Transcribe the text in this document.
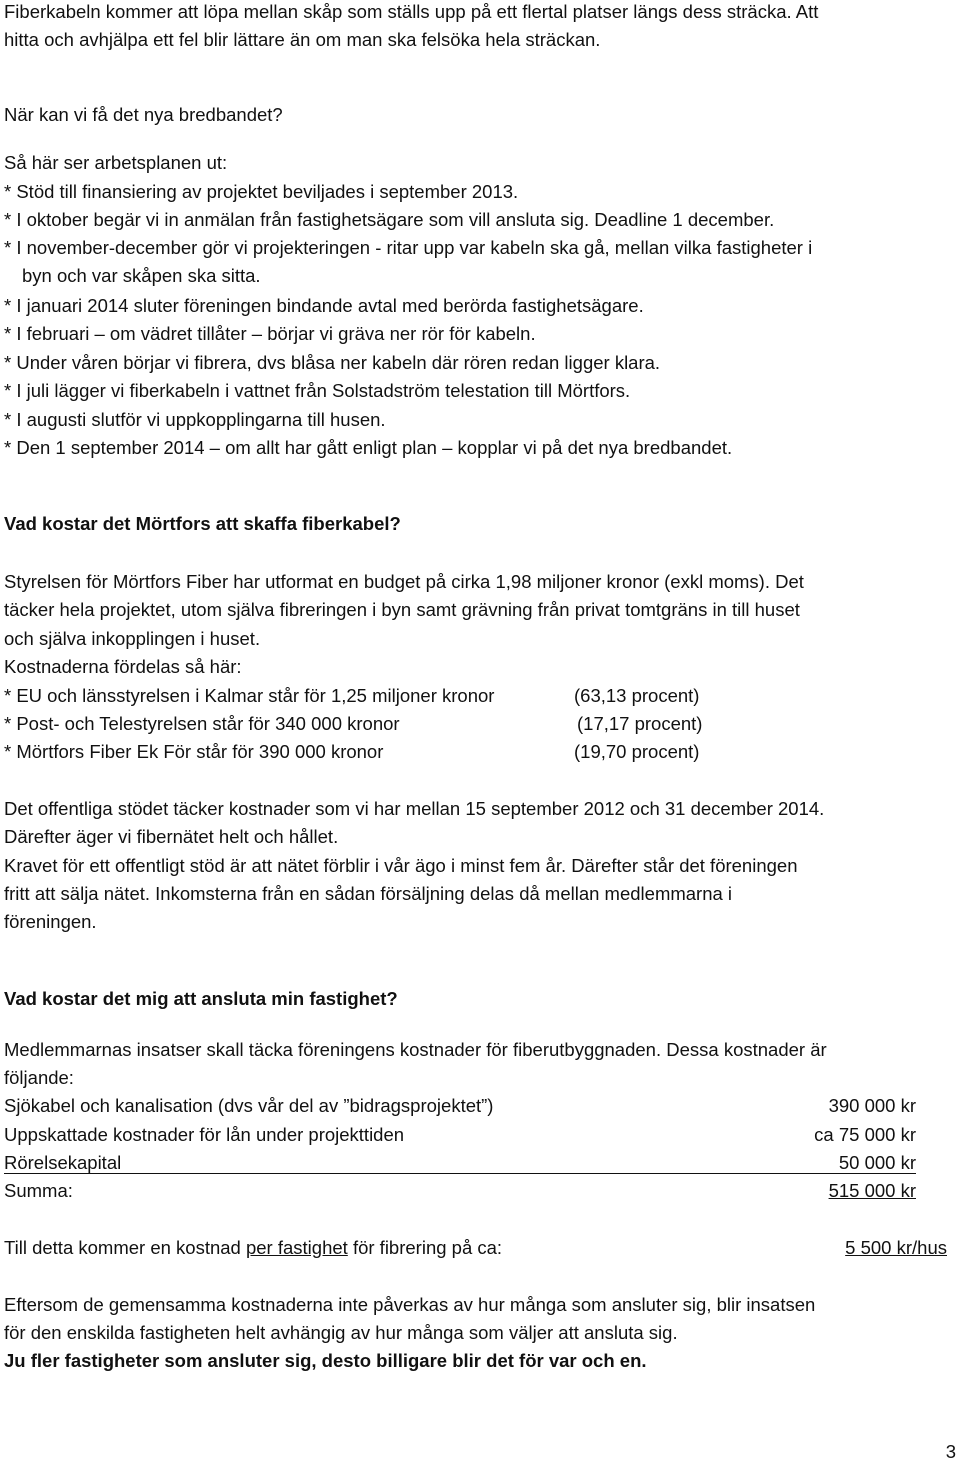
Fiberkabeln kommer att löpa mellan skåp som ställs upp på ett flertal platser längs dess sträcka. Att
hitta och avhjälpa ett fel blir lättare än om man ska felsöka hela sträckan.
När kan vi få det nya bredbandet?
Så här ser arbetsplanen ut:
* Stöd till finansiering av projektet beviljades i september 2013.
* I oktober begär vi in anmälan från fastighetsägare som vill ansluta sig. Deadline 1 december.
* I november-december gör vi projekteringen - ritar upp var kabeln ska gå, mellan vilka fastigheter i
byn och var skåpen ska sitta.
* I januari 2014 sluter föreningen bindande avtal med berörda fastighetsägare.
* I februari – om vädret tillåter – börjar vi gräva ner rör för kabeln.
* Under våren börjar vi fibrera, dvs blåsa ner kabeln där rören redan ligger klara.
* I juli lägger vi fiberkabeln i vattnet från Solstadström telestation till Mörtfors.
* I augusti slutför vi uppkopplingarna till husen.
* Den 1 september 2014 – om allt har gått enligt plan – kopplar vi på det nya bredbandet.
Vad kostar det Mörtfors att skaffa fiberkabel?
Styrelsen för Mörtfors Fiber har utformat en budget på cirka 1,98 miljoner kronor (exkl moms). Det
täcker hela projektet, utom själva fibreringen i byn samt grävning från privat tomtgräns in till huset
och själva inkopplingen i huset.
Kostnaderna fördelas så här:
* EU och länsstyrelsen i Kalmar står för 1,25 miljoner kronor	(63,13 procent)
* Post- och Telestyrelsen står för 340 000 kronor	(17,17 procent)
* Mörtfors Fiber Ek För står för 390 000 kronor	(19,70 procent)
Det offentliga stödet täcker kostnader som vi har mellan 15 september 2012 och 31 december 2014.
Därefter äger vi fibernätet helt och hållet.
Kravet för ett offentligt stöd är att nätet förblir i vår ägo i minst fem år. Därefter står det föreningen
fritt att sälja nätet. Inkomsterna från en sådan försäljning delas då mellan medlemmarna i
föreningen.
Vad kostar det mig att ansluta min fastighet?
Medlemmarnas insatser skall täcka föreningens kostnader för fiberutbyggnaden. Dessa kostnader är
följande:
Sjökabel och kanalisation (dvs vår del av ”bidragsprojektet”)	390 000 kr
Uppskattade kostnader för lån under projekttiden	ca 75 000 kr
Rörelsekapital	50 000 kr
Summa:	515 000 kr
Till detta kommer en kostnad per fastighet för fibrering på ca:	5 500 kr/hus
Eftersom de gemensamma kostnaderna inte påverkas av hur många som ansluter sig, blir insatsen
för den enskilda fastigheten helt avhängig av hur många som väljer att ansluta sig.
Ju fler fastigheter som ansluter sig, desto billigare blir det för var och en.
3
